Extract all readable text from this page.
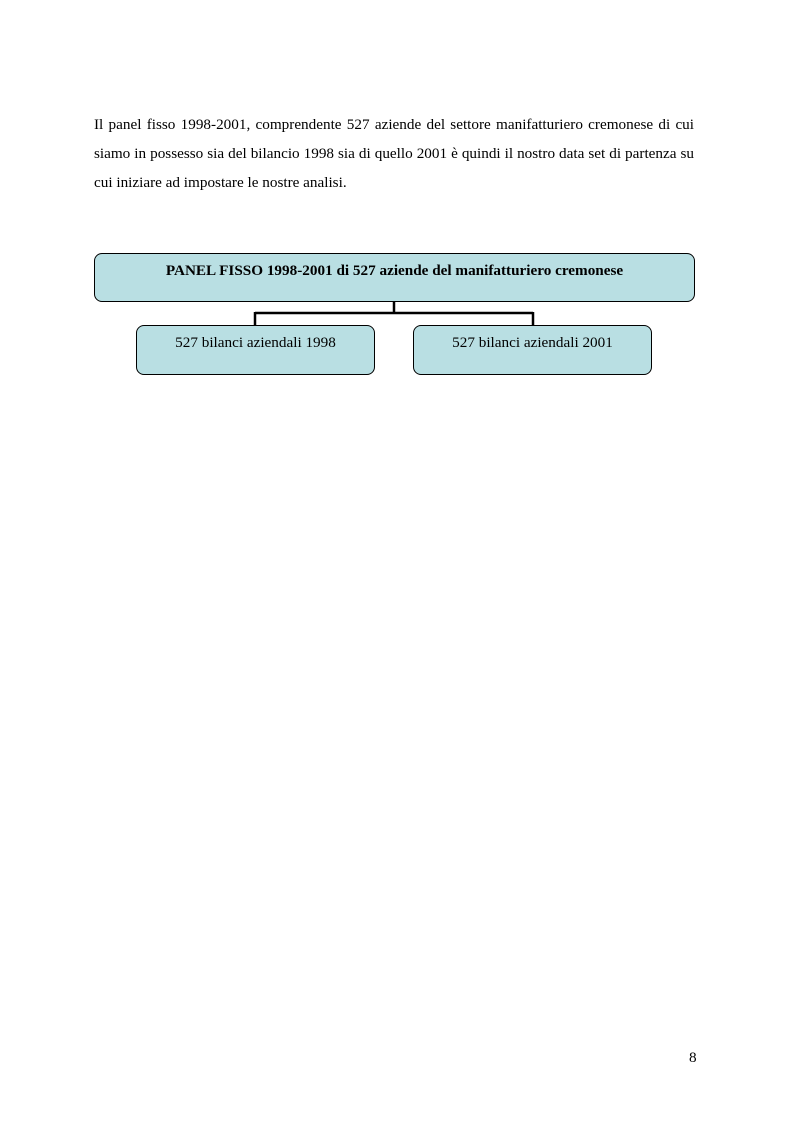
Il panel fisso 1998-2001, comprendente 527 aziende del settore manifatturiero cremonese di cui siamo in possesso sia del bilancio 1998 sia di quello 2001 è quindi il nostro data set di partenza su cui iniziare ad impostare le nostre analisi.

PANEL FISSO 1998-2001 di 527 aziende del manifatturiero cremonese
527 bilanci aziendali 1998	527 bilanci aziendali 2001
8
